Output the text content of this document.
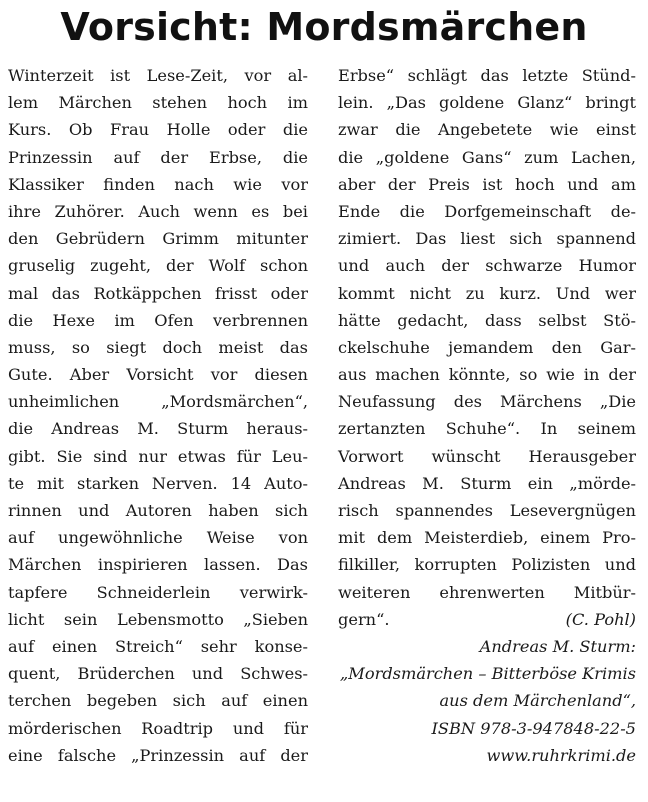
Vorsicht: Mordsmärchen
Winterzeit ist Lese-Zeit, vor al-
lem Märchen stehen hoch im
Kurs. Ob Frau Holle oder die
Prinzessin auf der Erbse, die
Klassiker finden nach wie vor
ihre Zuhörer. Auch wenn es bei
den Gebrüdern Grimm mitunter
gruselig zugeht, der Wolf schon
mal das Rotkäppchen frisst oder
die Hexe im Ofen verbrennen
muss, so siegt doch meist das
Gute. Aber Vorsicht vor diesen
unheimlichen „Mordsmärchen“,
die Andreas M. Sturm heraus-
gibt. Sie sind nur etwas für Leu-
te mit starken Nerven. 14 Auto-
rinnen und Autoren haben sich
auf ungewöhnliche Weise von
Märchen inspirieren lassen. Das
tapfere Schneiderlein verwirk-
licht sein Lebensmotto „Sieben
auf einen Streich“ sehr konse-
quent, Brüderchen und Schwes-
terchen begeben sich auf einen
mörderischen Roadtrip und für
eine falsche „Prinzessin auf der
Erbse“ schlägt das letzte Stünd-
lein. „Das goldene Glanz“ bringt
zwar die Angebetete wie einst
die „goldene Gans“ zum Lachen,
aber der Preis ist hoch und am
Ende die Dorfgemeinschaft de-
zimiert. Das liest sich spannend
und auch der schwarze Humor
kommt nicht zu kurz. Und wer
hätte gedacht, dass selbst Stö-
ckelschuhe jemandem den Gar-
aus machen könnte, so wie in der
Neufassung des Märchens „Die
zertanzten Schuhe“. In seinem
Vorwort wünscht Herausgeber
Andreas M. Sturm ein „mörde-
risch spannendes Lesevergnügen
mit dem Meisterdieb, einem Pro-
filkiller, korrupten Polizisten und
weiteren ehrenwerten Mitbür-
gern“.	(C. Pohl)
Andreas M. Sturm:
„Mordsmärchen – Bitterböse Krimis
aus dem Märchenland“,
ISBN 978-3-947848-22-5
www.ruhrkrimi.de
